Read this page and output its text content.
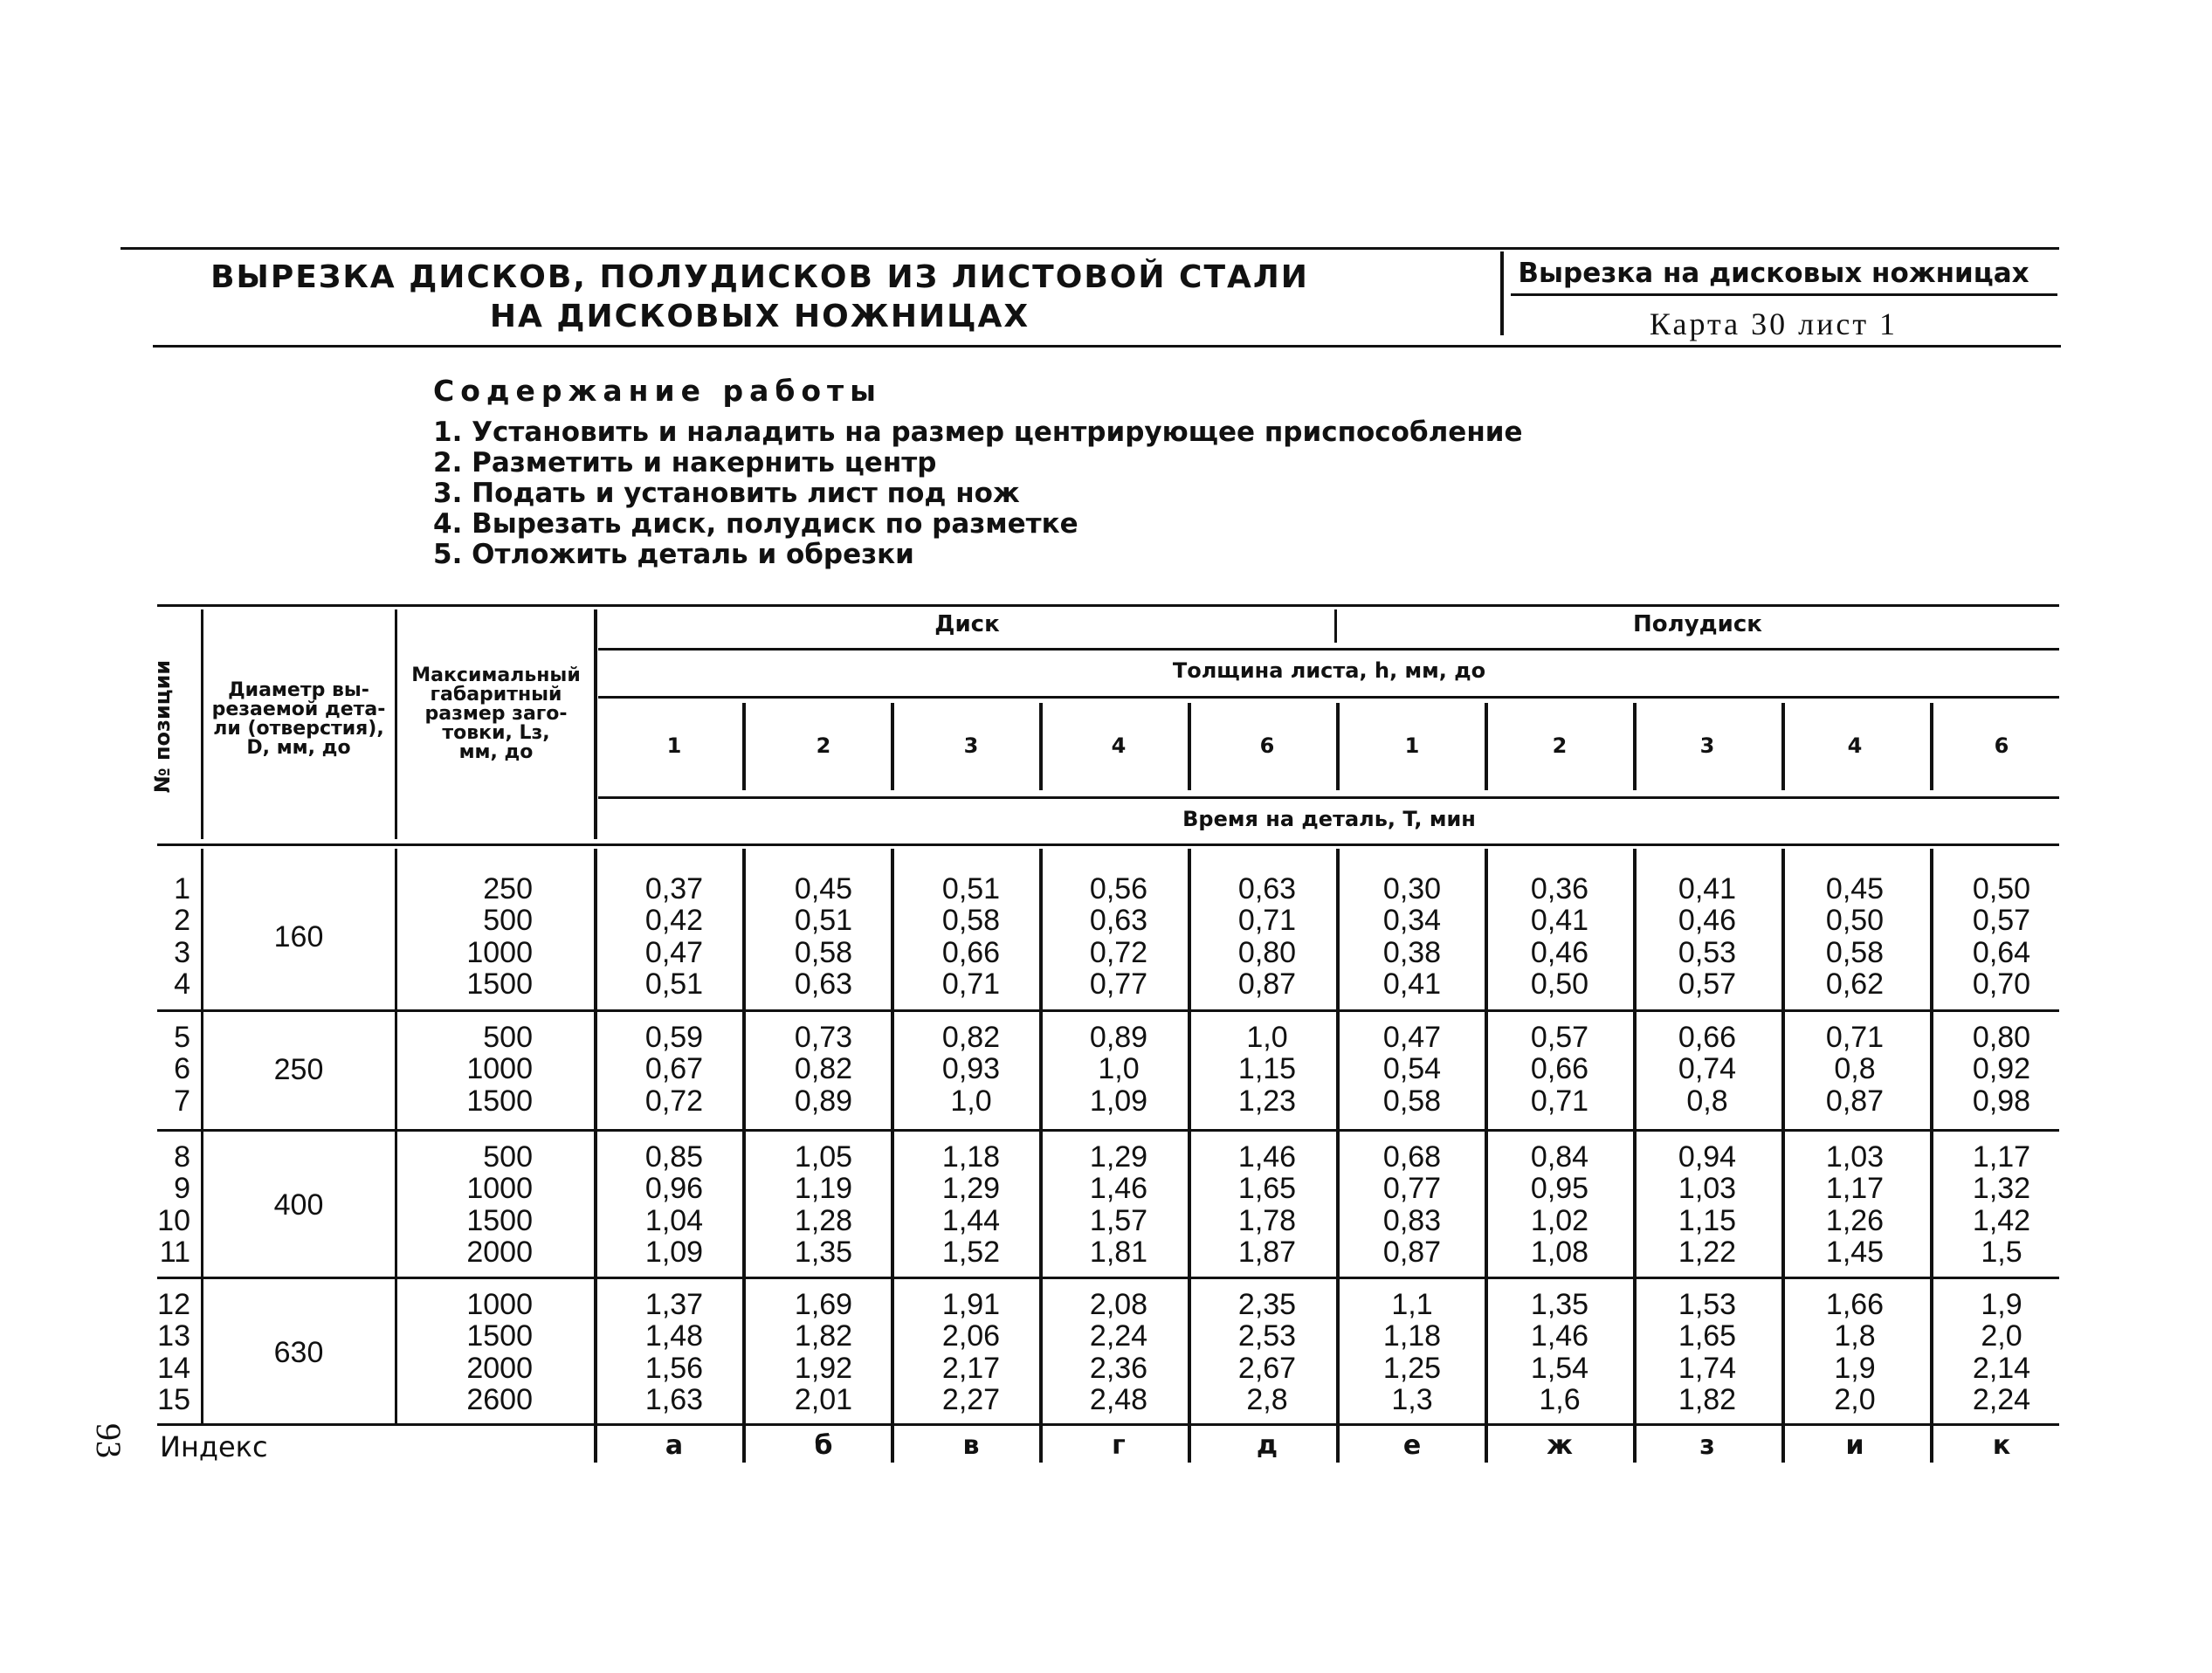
ВЫРЕЗКА ДИСКОВ, ПОЛУДИСКОВ ИЗ ЛИСТОВОЙ СТАЛИ
НА ДИСКОВЫХ НОЖНИЦАХ
Вырезка на дисковых ножницах
Карта 30 лист 1
Содержание работы
1. Установить и наладить на размер центрирующее приспособление
2. Разметить и накернить центр
3. Подать и установить лист под нож
4. Вырезать диск, полудиск по разметке
5. Отложить деталь и обрезки
№ позиции	Диаметр вы-
резаемой дета-
ли (отверстия),
D, мм, до
Максимальный
габаритный
размер заго-
товки, Lз,
мм, до
Диск	Полудиск
Толщина листа, h, мм, до
Время на деталь, T, мин
1	2	3	4	6	1	2	3	4	6
160
1	250	0,37	0,45	0,51	0,56	0,63	0,30	0,36	0,41	0,45	0,50
2	500	0,42	0,51	0,58	0,63	0,71	0,34	0,41	0,46	0,50	0,57
3	1000	0,47	0,58	0,66	0,72	0,80	0,38	0,46	0,53	0,58	0,64
4	1500	0,51	0,63	0,71	0,77	0,87	0,41	0,50	0,57	0,62	0,70
250
5	500	0,59	0,73	0,82	0,89	1,0	0,47	0,57	0,66	0,71	0,80
6	1000	0,67	0,82	0,93	1,0	1,15	0,54	0,66	0,74	0,8	0,92
7	1500	0,72	0,89	1,0	1,09	1,23	0,58	0,71	0,8	0,87	0,98
400
8	500	0,85	1,05	1,18	1,29	1,46	0,68	0,84	0,94	1,03	1,17
9	1000	0,96	1,19	1,29	1,46	1,65	0,77	0,95	1,03	1,17	1,32
10	1500	1,04	1,28	1,44	1,57	1,78	0,83	1,02	1,15	1,26	1,42
11	2000	1,09	1,35	1,52	1,81	1,87	0,87	1,08	1,22	1,45	1,5
630
12	1000	1,37	1,69	1,91	2,08	2,35	1,1	1,35	1,53	1,66	1,9
13	1500	1,48	1,82	2,06	2,24	2,53	1,18	1,46	1,65	1,8	2,0
14	2000	1,56	1,92	2,17	2,36	2,67	1,25	1,54	1,74	1,9	2,14
15	2600	1,63	2,01	2,27	2,48	2,8	1,3	1,6	1,82	2,0	2,24
Индекс	а	б	в	г	д	е	ж	з	и	к
93
